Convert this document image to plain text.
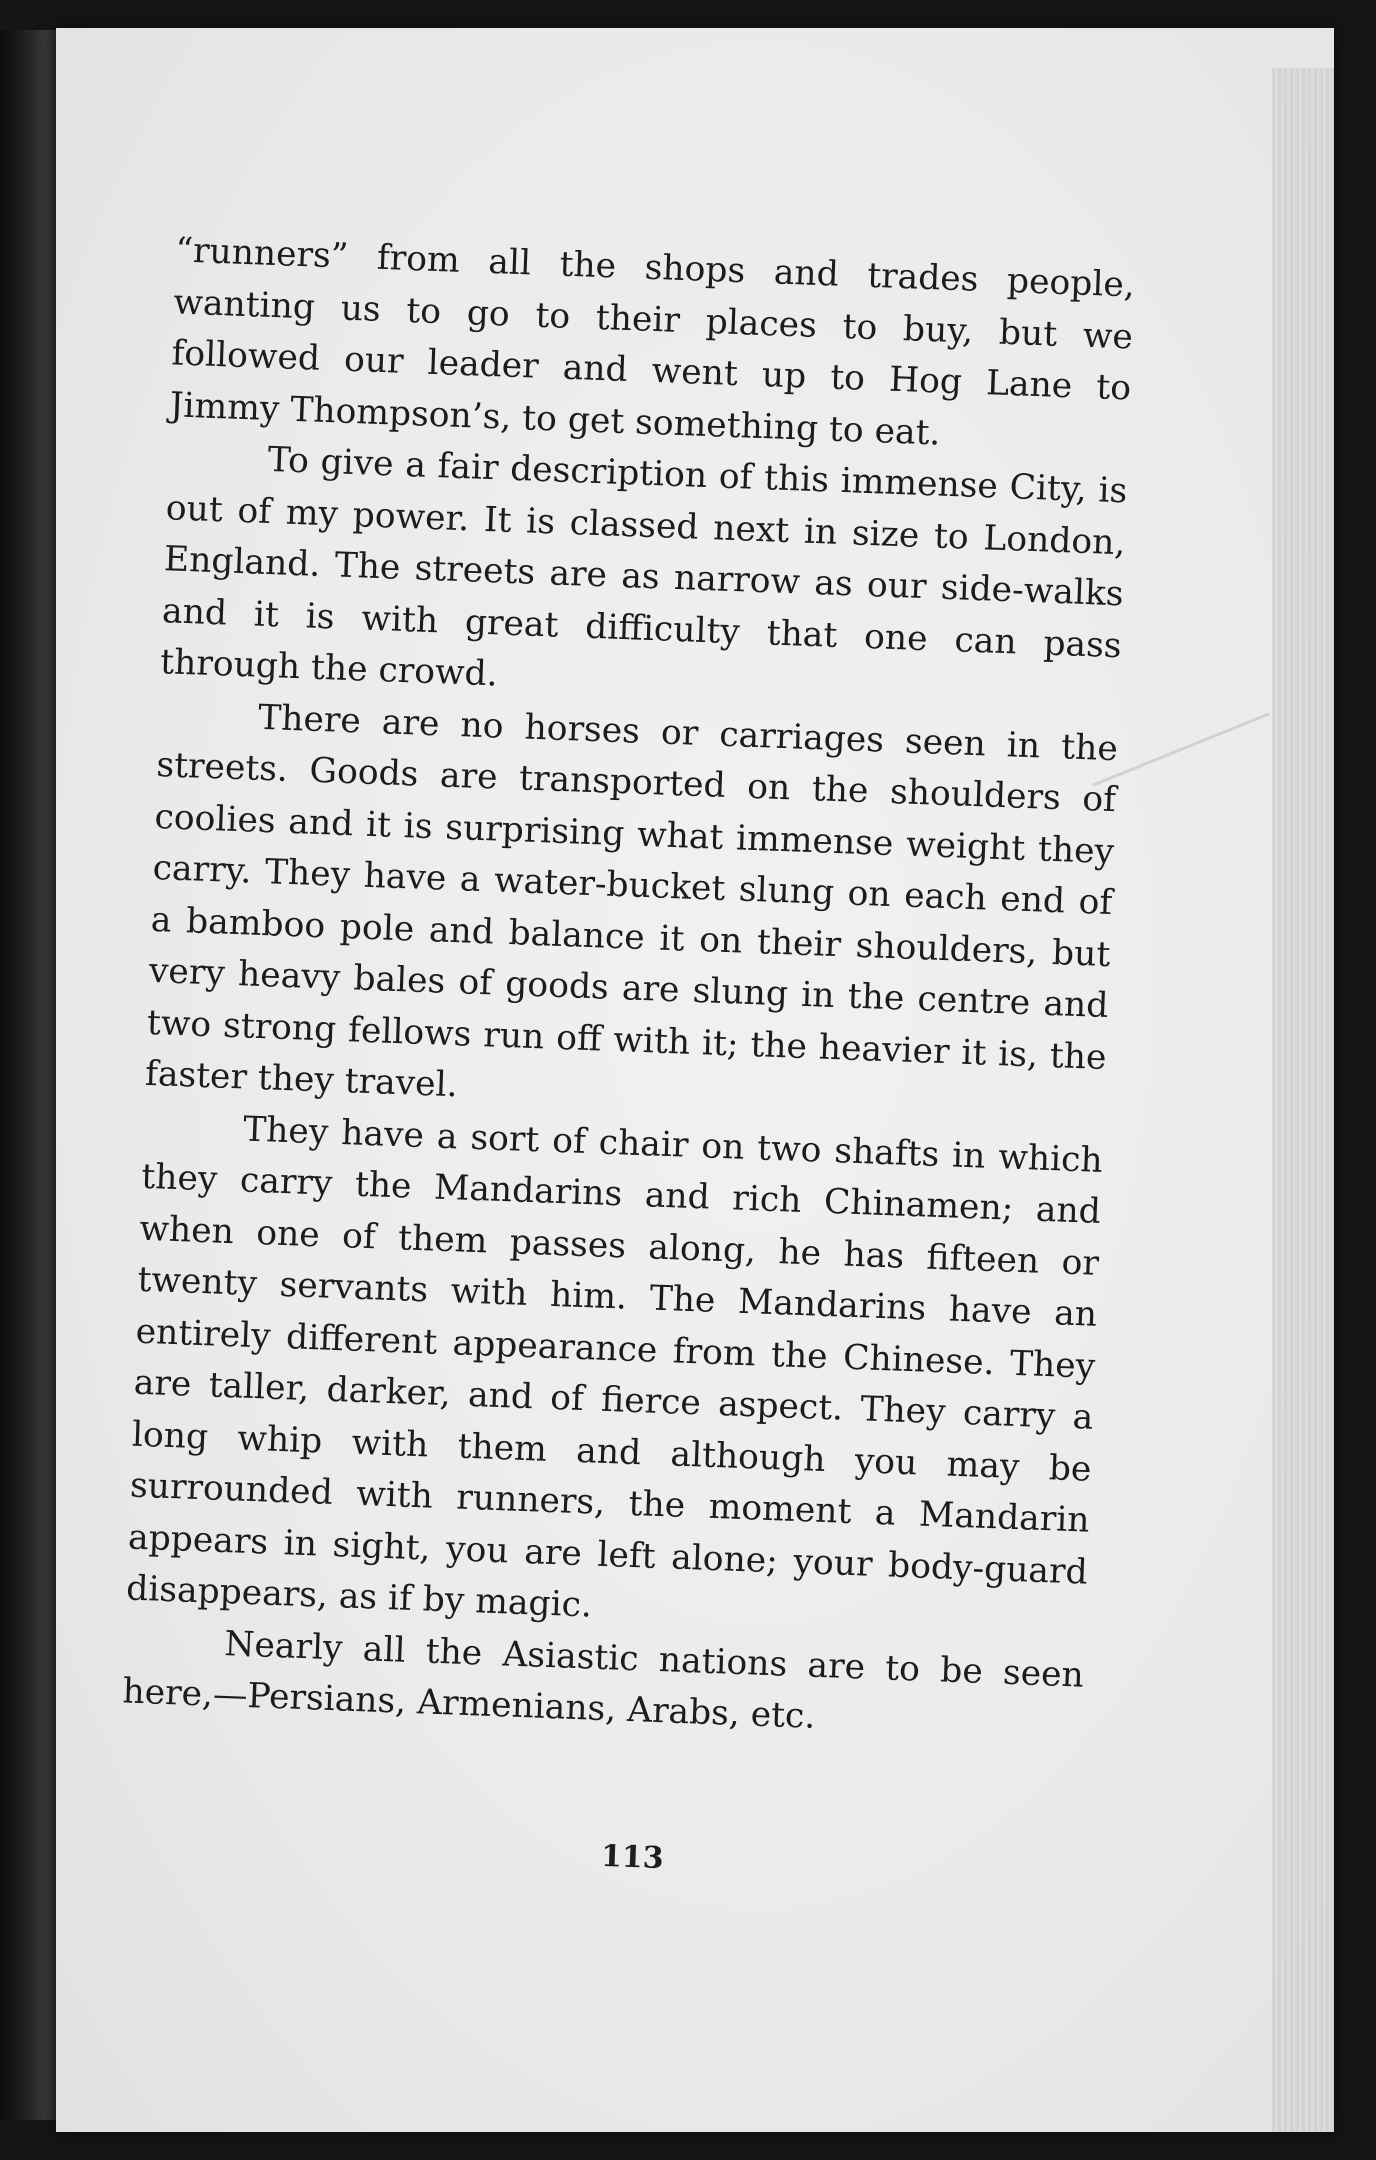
“runners” from all the shops and trades people, wanting us to go to their places to buy, but we followed our leader and went up to Hog Lane to Jimmy Thompson’s, to get something to eat.

To give a fair description of this immense City, is out of my power. It is classed next in size to London, England. The streets are as narrow as our side-walks and it is with great difficulty that one can pass through the crowd.

There are no horses or carriages seen in the streets. Goods are transported on the shoulders of coolies and it is surprising what immense weight they carry. They have a water-bucket slung on each end of a bamboo pole and balance it on their shoulders, but very heavy bales of goods are slung in the centre and two strong fellows run off with it; the heavier it is, the faster they travel.

They have a sort of chair on two shafts in which they carry the Mandarins and rich Chinamen; and when one of them passes along, he has fifteen or twenty servants with him. The Mandarins have an entirely different appearance from the Chinese. They are taller, darker, and of fierce aspect. They carry a long whip with them and although you may be surrounded with runners, the moment a Mandarin appears in sight, you are left alone; your body-guard disappears, as if by magic.

Nearly all the Asiastic nations are to be seen here,—Persians, Armenians, Arabs, etc.

113
